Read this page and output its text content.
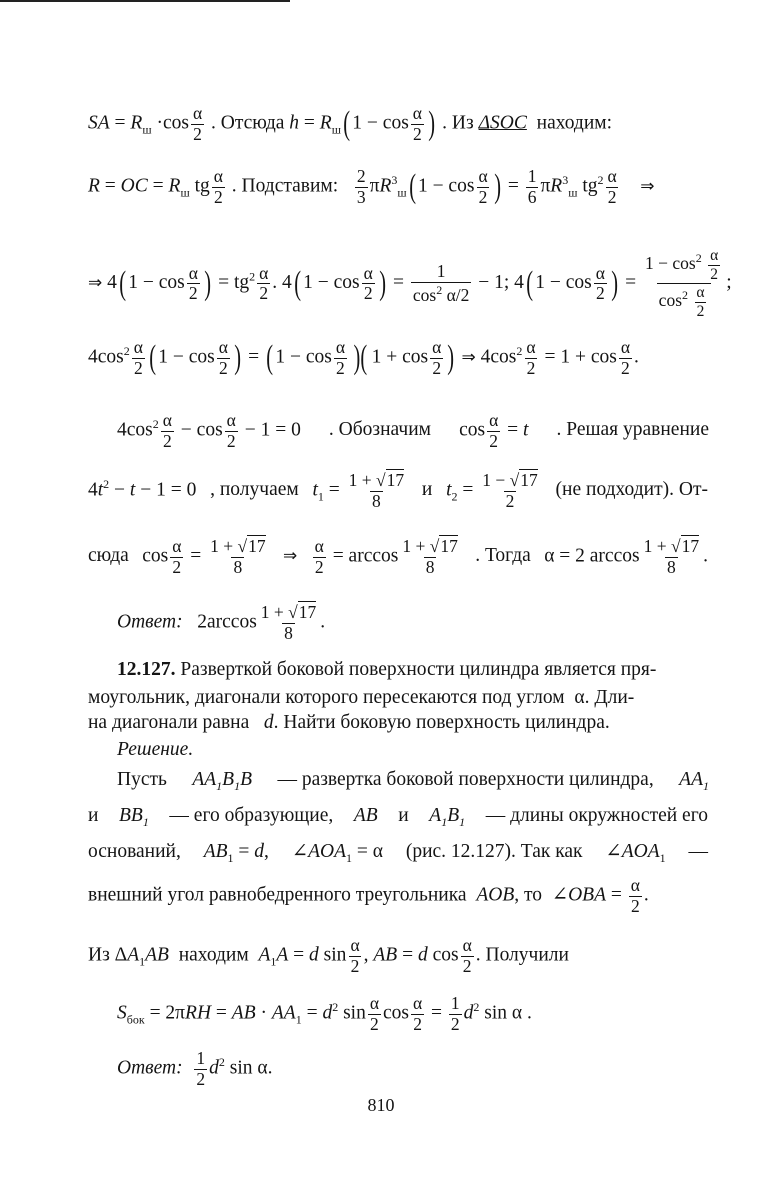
SA = $R_ш \cdot\cos \frac{\alpha}{2}$ . Отсюда $h = R_ш$( $1 - \cos \frac{\alpha}{2}$ ) . Из ΔSOC находим:
R = OC = $R_ш$ tg $\frac{\alpha}{2}$ . Подставим: $\frac{2}{3} \pi R^3_ш$( $1 - \cos \frac{\alpha}{2}$ ) = $\frac{1}{6} \pi R^3_ш$ $tg^2 \frac{\alpha}{2}$ ⇒
⇒ 4( $1 - \cos \frac{\alpha}{2}$ ) = $tg^2 \frac{\alpha}{2}$ . 4( $1 - \cos \frac{\alpha}{2}$ ) = $\frac{1}{\cos^2 \alpha/2} - 1$; 4( $1 - \cos \frac{\alpha}{2}$ ) = $\frac{1 - \cos^2 \frac{\alpha}{2}}{\cos^2 \frac{\alpha}{2}}$ ;
$4\cos^2 \frac{\alpha}{2}$ ( $1 - \cos \frac{\alpha}{2}$ ) = ( $1 - \cos \frac{\alpha}{2}$ )( $1 + \cos \frac{\alpha}{2}$ ) ⇒ $4\cos^2 \frac{\alpha}{2} = 1 + \cos \frac{\alpha}{2}$ .
$4\cos^2 \frac{\alpha}{2} - \cos \frac{\alpha}{2} - 1 = 0$ . Обозначим $\cos \frac{\alpha}{2} = t$ . Решая уравнение
$4t^2 - t - 1 = 0$ , получаем $t_1 = \frac{1 + √17}{8}$ и $t_2 = \frac{1 - √17}{2} (не$ подходит). От-
сюда $\cos \frac{\alpha}{2} = \frac{1 + √17}{8}$ ⇒ $\frac{\alpha}{2} = \arccos \frac{1 + √17}{8}$ . Тогда α = 2 $\arccos \frac{1 + √17}{8}$ .
Ответ: $2\arccos \frac{1 + √17}{8}$ .
12.127. Разверткой боковой поверхности цилиндра является пря-
моугольник, диагонали которого пересекаются под углом  α. Дли-
на диагонали равна d. Найти боковую поверхность цилиндра.
Решение.
Пусть $AA_1B_1B$ — развертка боковой поверхности цилиндра, $AA_1$
и $BB_1$ — его образующие, AB и $A_1B_1$ — длины окружностей его
оснований, $AB_1 = d$, $\angle AOA_1 = \alpha$ (рис. 12.127). Так как $\angle AOA_1$ —
внешний угол равнобедренного треугольника AOB, то  ∠OBA = $\frac{\alpha}{2}$ .
Из $\Delta A_1AB$ находим $A_1A = d$ $\sin \frac{\alpha}{2}$ , AB = d $\cos \frac{\alpha}{2}$ . Получили
$S_{бок} = 2\pi RH$ = AB · $AA_1 = d^2$ $\sin \frac{\alpha}{2}$ $\cos \frac{\alpha}{2} = \frac{1}{2} d^2$ sin α .
Ответ: $\frac{1}{2} d^2$ sin α.
810
